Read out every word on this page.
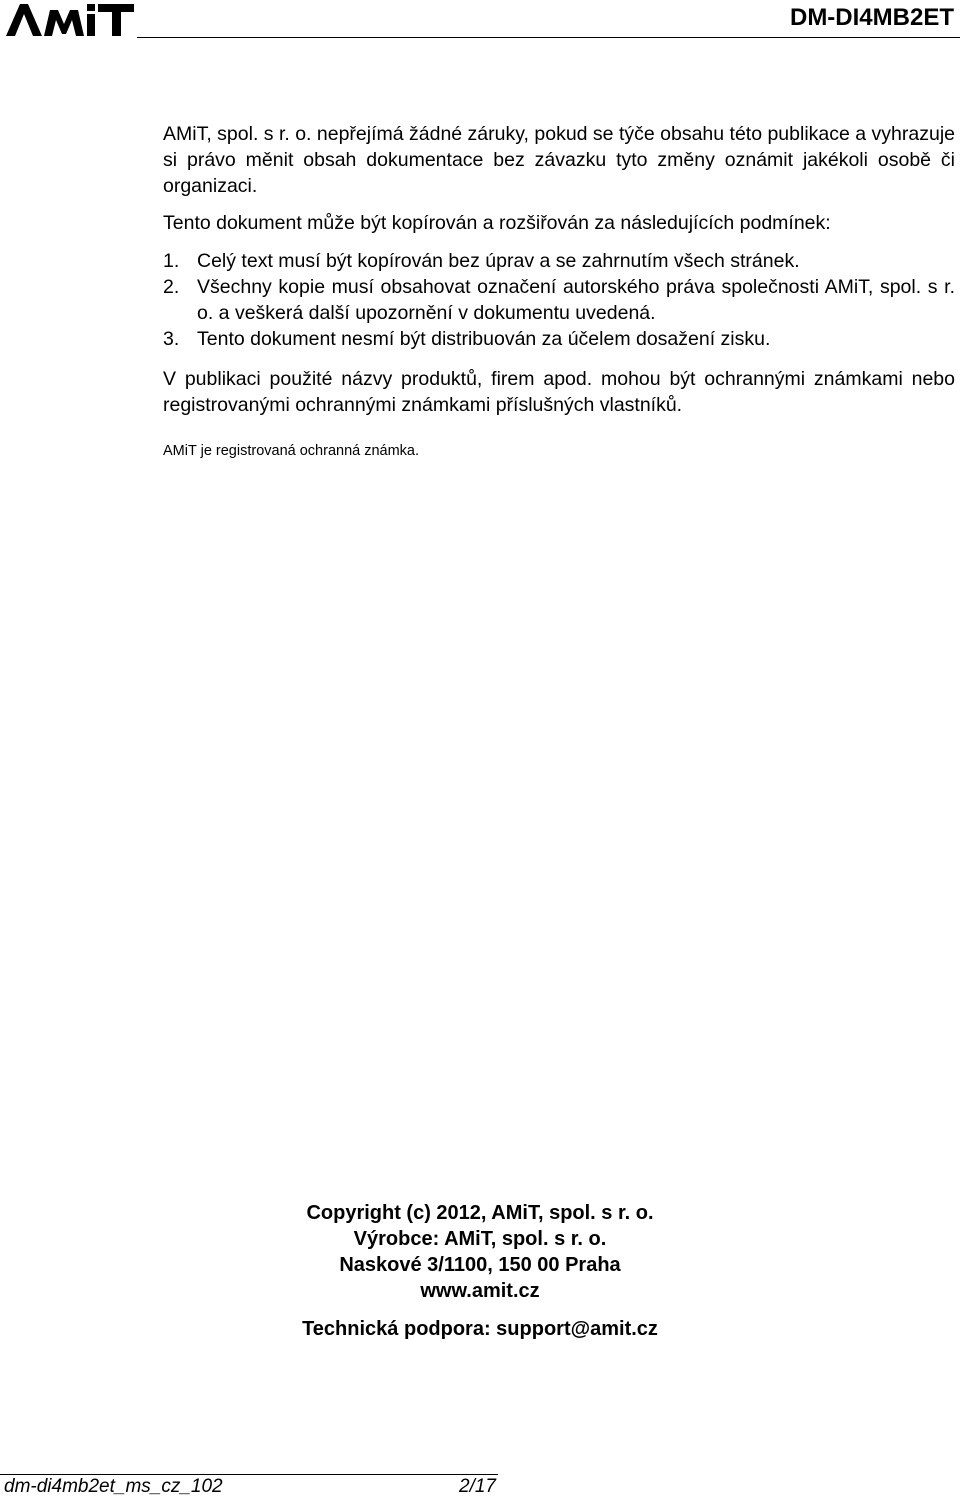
AMiT
DM-DI4MB2ET

AMiT, spol. s r. o. nepřejímá žádné záruky, pokud se týče obsahu této publikace a vyhrazuje si právo měnit obsah dokumentace bez závazku tyto změny oznámit jakékoli osobě či organizaci.

Tento dokument může být kopírován a rozšiřován za následujících podmínek:

1. Celý text musí být kopírován bez úprav a se zahrnutím všech stránek.
2. Všechny kopie musí obsahovat označení autorského práva společnosti AMiT, spol. s r. o. a veškerá další upozornění v dokumentu uvedená.
3. Tento dokument nesmí být distribuován za účelem dosažení zisku.

V publikaci použité názvy produktů, firem apod. mohou být ochrannými známkami nebo registrovanými ochrannými známkami příslušných vlastníků.

AMiT je registrovaná ochranná známka.

Copyright (c) 2012, AMiT, spol. s r. o.
Výrobce: AMiT, spol. s r. o.
Naskové 3/1100, 150 00 Praha
www.amit.cz
Technická podpora: support@amit.cz
dm-di4mb2et_ms_cz_102	2/17
